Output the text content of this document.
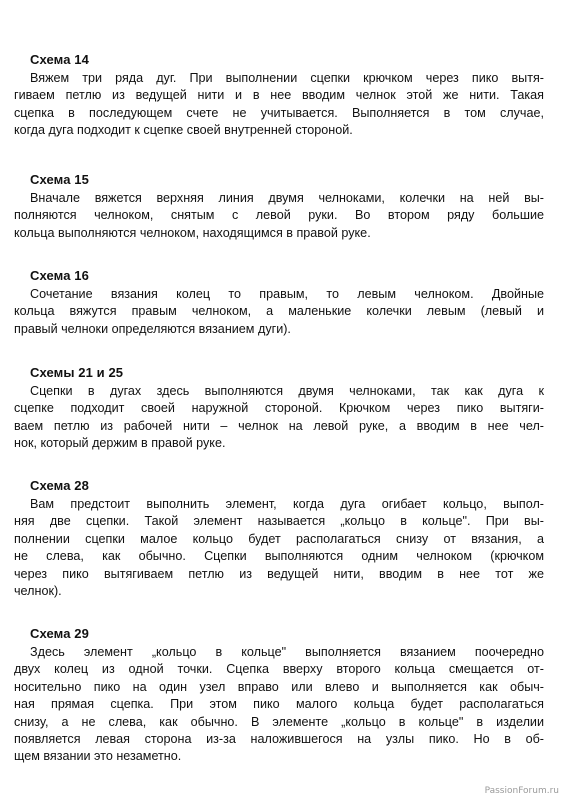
Схема 14
Вяжем три ряда дуг. При выполнении сцепки крючком через пико вытя-
гиваем петлю из ведущей нити и в нее вводим челнок этой же нити. Такая
сцепка в последующем счете не учитывается. Выполняется в том случае,
когда дуга подходит к сцепке своей внутренней стороной.
Схема 15
Вначале вяжется верхняя линия двумя челноками, колечки на ней вы-
полняются челноком, снятым с левой руки. Во втором ряду большие
кольца выполняются челноком, находящимся в правой руке.
Схема 16
Сочетание вязания колец то правым, то левым челноком. Двойные
кольца вяжутся правым челноком, а маленькие колечки левым (левый и
правый челноки определяются вязанием дуги).
Схемы 21 и 25
Сцепки в дугах здесь выполняются двумя челноками, так как дуга к
сцепке подходит своей наружной стороной. Крючком через пико вытяги-
ваем петлю из рабочей нити – челнок на левой руке, а вводим в нее чел-
нок, который держим в правой руке.
Схема 28
Вам предстоит выполнить элемент, когда дуга огибает кольцо, выпол-
няя две сцепки. Такой элемент называется „кольцо в кольце". При вы-
полнении сцепки малое кольцо будет располагаться снизу от вязания, а
не слева, как обычно. Сцепки выполняются одним челноком (крючком
через пико вытягиваем петлю из ведущей нити, вводим в нее тот же
челнок).
Схема 29
Здесь элемент „кольцо в кольце" выполняется вязанием поочередно
двух колец из одной точки. Сцепка вверху второго кольца смещается от-
носительно пико на один узел вправо или влево и выполняется как обыч-
ная прямая сцепка. При этом пико малого кольца будет располагаться
снизу, а не слева, как обычно. В элементе „кольцо в кольце" в изделии
появляется левая сторона из-за наложившегося на узлы пико. Но в об-
щем вязании это незаметно.
PassionForum.ru
